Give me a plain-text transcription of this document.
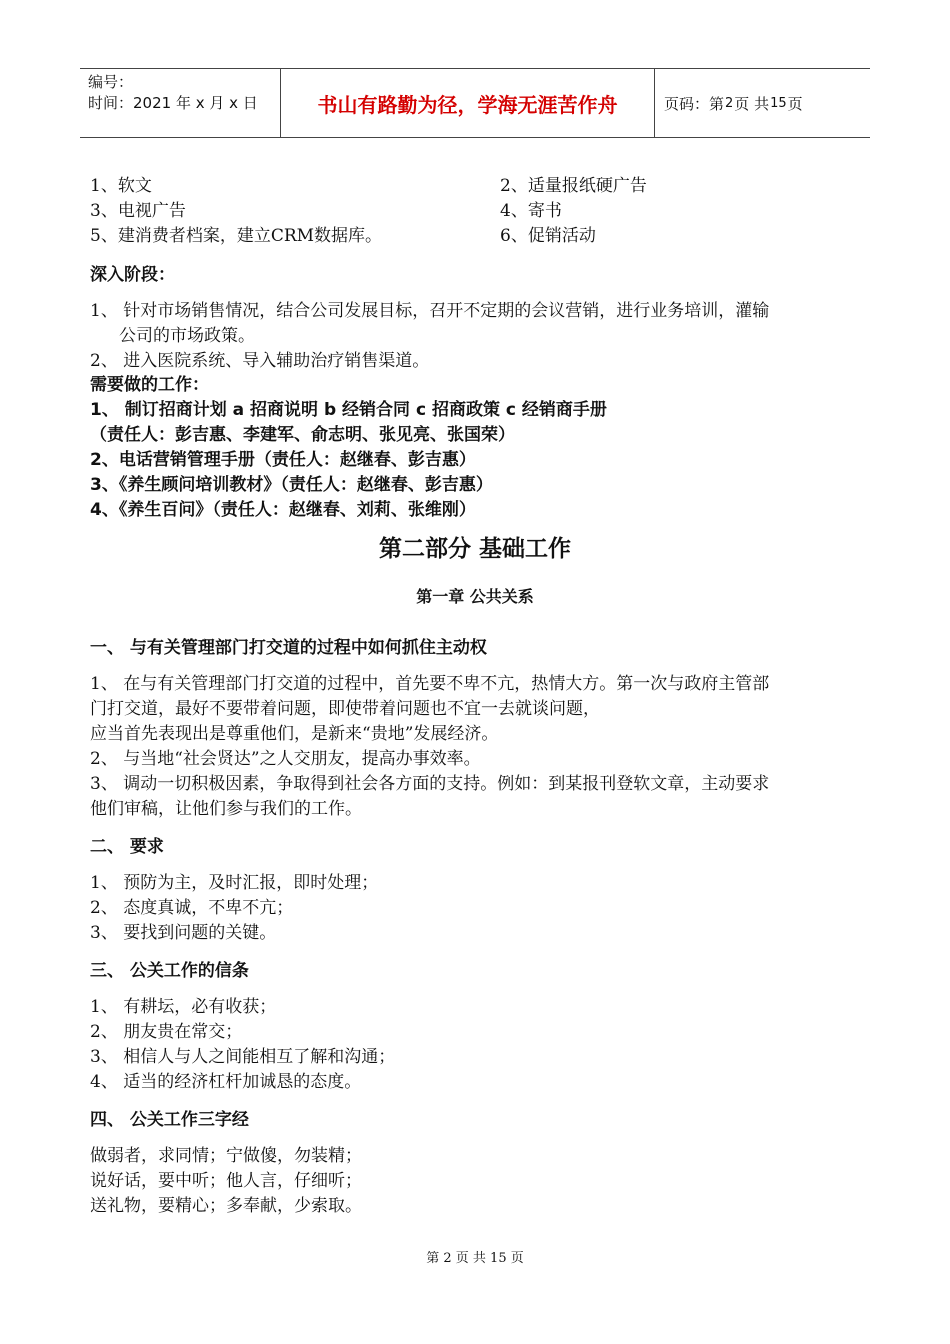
编号：
时间：2021 年 x 月 x 日	书山有路勤为径，学海无涯苦作舟	页码：第 2 页 共 15 页
1、软文	2、适量报纸硬广告
3、电视广告	4、寄书
5、建消费者档案，建立CRM数据库。	6、促销活动
深入阶段：
1、 针对市场销售情况，结合公司发展目标，召开不定期的会议营销，进行业务培训，灌输
公司的市场政策。
2、 进入医院系统、导入辅助治疗销售渠道。
需要做的工作：
1、 制订招商计划 a 招商说明 b 经销合同 c 招商政策 c 经销商手册
（责任人：彭吉惠、李建军、俞志明、张见亮、张国荣）
2、电话营销管理手册（责任人：赵继春、彭吉惠）
3、《养生顾问培训教材》（责任人：赵继春、彭吉惠）
4、《养生百问》（责任人：赵继春、刘莉、张维刚）
第二部分 基础工作
第一章 公共关系
一、 与有关管理部门打交道的过程中如何抓住主动权
1、 在与有关管理部门打交道的过程中，首先要不卑不亢，热情大方。第一次与政府主管部
门打交道，最好不要带着问题，即使带着问题也不宜一去就谈问题，
应当首先表现出是尊重他们，是新来“贵地”发展经济。
2、 与当地“社会贤达”之人交朋友，提高办事效率。
3、 调动一切积极因素，争取得到社会各方面的支持。例如：到某报刊登软文章，主动要求
他们审稿，让他们参与我们的工作。
二、 要求
1、 预防为主，及时汇报，即时处理；
2、 态度真诚，不卑不亢；
3、 要找到问题的关键。
三、 公关工作的信条
1、 有耕坛，必有收获；
2、 朋友贵在常交；
3、 相信人与人之间能相互了解和沟通；
4、 适当的经济杠杆加诚恳的态度。
四、 公关工作三字经
做弱者，求同情；宁做傻，勿装精；
说好话，要中听；他人言，仔细听；
送礼物，要精心；多奉献，少索取。
第 2 页 共 15 页
